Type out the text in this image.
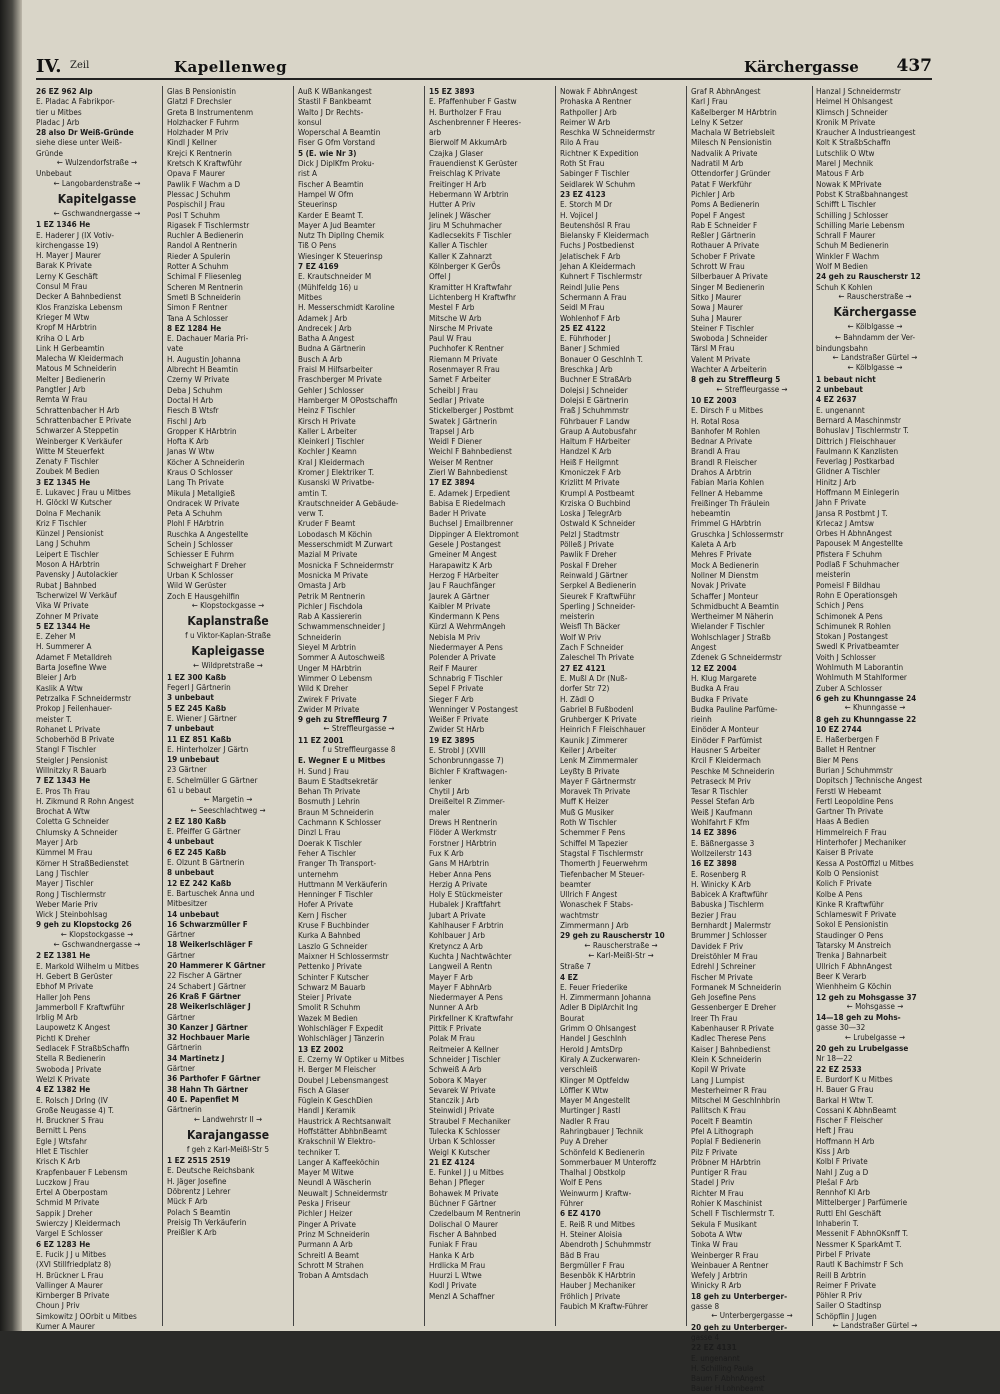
IV. Zeil	Kapellenweg	Kärchergasse 437
26 EZ 962 Alp
E. Pladac A Fabrikpor-
tier u Mitbes
Pladac J Arb
28 also Dr Weiß-Gründe
siehe diese unter Weiß-
Gründe
← Wulzendorfstraße →
Unbebaut
← Langobardenstraße →
Kapitelgasse
← Gschwandnergasse →
1 EZ 1346 He
E. Haderer J (IX Votiv-
kirchengasse 19)
H. Mayer J Maurer
Barak K Private
Lerny K Geschäft
Consul M Frau
Decker A Bahnbedienst
Klos Franziska Lebensm
Krieger M Wtw
Kropf M HArbtrin
Kriha O L Arb
Link H Gerbeamtin
Malecha W Kleidermach
Matous M Schneiderin
Melter J Bedienerin
Pangtler J Arb
Remta W Frau
Schrattenbacher H Arb
Schrattenbacher E Private
Schwarzer A Steppetin
Weinberger K Verkäufer
Witte M Steuerfekt
Zenaty F Tischler
Zoubek M Bedien
3 EZ 1345 He
E. Lukavec J Frau u Mitbes
H. Glöckl W Kutscher
Dolna F Mechanik
Kriz F Tischler
Künzel J Pensionist
Lang J Schuhm
Leipert E Tischler
Moson A HArbtrin
Pavensky J Autolackier
Rubat J Bahnbed
Tscherwizel W Verkäuf
Vika W Private
Zohner M Private
5 EZ 1344 He
E. Zeher M
H. Summerer A
Adamet F Metalldreh
Barta Josefine Wwe
Bleier J Arb
Kaslik A Wtw
Petrzalka F Schneidermstr
Prokop J Feilenhauer-
meister T.
Rohanet L Private
Schoberhöd B Private
Stangl F Tischler
Steigler J Pensionist
Willnitzky R Bauarb
7 EZ 1343 He
E. Pros Th Frau
H. Zikmund R Rohn Angest
Brochat A Wtw
Coletta G Schneider
Chlumsky A Schneider
Mayer J Arb
Kümmel M Frau
Körner H StraßBedienstet
Lang J Tischler
Mayer J Tischler
Rong J Tischlermstr
Weber Marie Priv
Wick J Steinbohlsag
9 geh zu Klopstockg 26
← Klopstockgasse →
← Gschwandnergasse →
2 EZ 1381 He
E. Markold Wilhelm u Mitbes
H. Gebert B Gerüster
Ebhof M Private
Haller Joh Pens
Jammerboll F Kraftwführ
Irblig M Arb
Laupowetz K Angest
Pichtl K Dreher
Sedlacek F StraßbSchaffn
Stella R Bedienerin
Swoboda J Private
Welzl K Private
4 EZ 1382 He
E. Rolsch J DrIng (IV
Große Neugasse 4) T.
H. Bruckner S Frau
Bernitt L Pens
Egle J Wtsfahr
Hlet E Tischler
Krisch K Arb
Krapfenbauer F Lebensm
Luczkow J Frau
Ertel A Oberpostam
Schmid M Private
Sappik J Dreher
Swierczy J Kleidermach
Vargel E Schlosser
6 EZ 1283 He
E. Fucik J J u Mitbes
(XVI Stillfriedplatz 8)
H. Brückner L Frau
Vallinger A Maurer
Kirnberger B Private
Choun J Priv
Simkowitz J OOrbit u Mitbes
Kumer A Maurer
Glas B Pensionistin
Glatzl F Drechsler
Greta B Instrumentenm
Holzhacker F Fuhrm
Holzhader M Priv
Kindl J Kellner
Krejci K Rentnerin
Kretsch K Kraftwführ
Opava F Maurer
Pawlik F Wachm a D
Plessac J Schuhm
Pospischil J Frau
Posl T Schuhm
Rigasek F Tischlermstr
Ruchler A Bedienerin
Randol A Rentnerin
Rieder A Spulerin
Rotter A Schuhm
Schimal F Fliesenleg
Scheren M Rentnerin
Smetl B Schneiderin
Simon F Rentner
Tana A Schlosser
8 EZ 1284 He
E. Dachauer Maria Pri-
vate
H. Augustin Johanna
Albrecht H Beamtin
Czerny W Private
Deba J Schuhm
Doctal H Arb
Fiesch B Wtsfr
Fischl J Arb
Gropper K HArbtrin
Hofta K Arb
Janas W Wtw
Köcher A Schneiderin
Kraus O Schlosser
Lang Th Private
Mikula J Metallgieß
Ondracek W Private
Peta A Schuhm
Plohl F HArbtrin
Ruschka A Angestellte
Schein J Schlosser
Schiesser E Fuhrm
Schweighart F Dreher
Urban K Schlosser
Wild W Gerüster
Zoch E Hausgehilfin
← Klopstockgasse →
Kaplanstraße
f u Viktor-Kaplan-Straße
Kapleigasse
← Wildpretstraße →
1 EZ 300 Kaßb
Fegerl J Gärtnerin
3 unbebaut
5 EZ 245 Kaßb
E. Wiener J Gärtner
7 unbebaut
11 EZ 851 Kaßb
E. Hinterholzer J Gärtn
19 unbebaut
23 Gärtner
E. Schelmüller G Gärtner
61 u bebaut
← Margetin →
← Seeschlachtweg →
2 EZ 180 Kaßb
E. Pfeiffer G Gärtner
4 unbebaut
6 EZ 245 Kaßb
E. Olzunt B Gärtnerin
8 unbebaut
12 EZ 242 Kaßb
E. Bartuschek Anna und
Mitbesitzer
14 unbebaut
16 Schwarzmüller F
Gärtner
18 Weikerlschläger F
Gärtner
20 Hammerer K Gärtner
22 Fischer A Gärtner
24 Schabert J Gärtner
26 Kraß F Gärtner
28 Weikerlschläger J
Gärtner
30 Kanzer J Gärtner
32 Hochbauer Marie
Gärtnerin
34 Martinetz J
Gärtner
36 Parthofer F Gärtner
38 Hahn Th Gärtner
40 E. Papenfiet M
Gärtnerin
← Landwehrstr II →
Karajangasse
f geh z Karl-Meißl-Str 5
1 EZ 2515 2519
E. Deutsche Reichsbank
H. Jäger Josefine
Döbrentz J Lehrer
Mück F Arb
Polach S Beamtin
Preisig Th Verkäuferin
Preißler K Arb
Auß K WBankangest
Stastil F Bankbeamt
Walto J Dr Rechts-
konsul
Woperschal A Beamtin
Fiser G Ofm Vorstand
5 (E. wie Nr 3)
Dick J DiplKfm Proku-
rist A
Fischer A Beamtin
Hampel W Ofm
Steuerinsp
Karder E Beamt T.
Mayer A Jud Beamter
Nutz Th DiplIng Chemik
Tiß O Pens
Wiesinger K Steuerinsp
7 EZ 4169
E. Krautschneider M
(Mühlfeldg 16) u
Mitbes
H. Messerschmidt Karoline
Adamek J Arb
Andrecek J Arb
Batha A Angest
Budna A Gärtnerin
Busch A Arb
Fraisl M Hilfsarbeiter
Fraschberger M Private
Gehler J Schlosser
Hamberger M OPostschaffn
Heinz F Tischler
Kirsch H Private
Kaller L Arbeiter
Kleinkerl J Tischler
Kochler J Keamn
Kral J Kleidermach
Kromer J Elektriker T.
Kusanski W Privatbe-
amtin T.
Krautschneider A Gebäude-
verw T.
Kruder F Beamt
Lobodasch M Köchin
Messerschmidt M Zurwart
Mazial M Private
Mosnicka F Schneidermstr
Mosnicka M Private
Omasta J Arb
Petrik M Rentnerin
Pichler J Fischdola
Rab A Kassiererin
Schwammenschneider J
Schneiderin
Sieyel M Arbtrin
Sommer A Autoschweiß
Unger M HArbtrin
Wimmer O Lebensm
Wild K Dreher
Zwirek F Private
Zwider M Private
9 geh zu Streffleurg 7
← Streffleurgasse →
11 EZ 2001
f u Streffleurgasse 8
E. Wegner E u Mitbes
H. Sund J Frau
Baum E Stadtsekretär
Behan Th Private
Bosmuth J Lehrin
Braun M Schneiderin
Cachmann K Schlosser
Dinzl L Frau
Doerak K Tischler
Feher A Tischler
Franger Th Transport-
unternehm
Huttmann M Verkäuferin
Henninger F Tischler
Hofer A Private
Kern J Fischer
Kruse F Buchbinder
Kurka A Bahnbed
Laszlo G Schneider
Maixner H Schlossermstr
Pettenko J Private
Schinter F Kutscher
Schwarz M Bauarb
Steier J Private
Smolit R Schuhm
Wazek M Bedien
Wohlschläger F Expedit
Wohlschläger J Tänzerin
13 EZ 2002
E. Czerny W Optiker u Mitbes
H. Berger M Fleischer
Doubel J Lebensmangest
Fisch A Glaser
Füglein K GeschDien
Handl J Keramik
Haustrick A Rechtsanwalt
Hoffstätter AbhbnBeamt
Krakschnil W Elektro-
techniker T.
Langer A Kaffeeköchin
Mayer M Witwe
Neundl A Wäscherin
Neuwalt J Schneidermstr
Peska J Friseur
Pichler J Heizer
Pinger A Private
Prinz M Schneiderin
Purmann A Arb
Schreitl A Beamt
Schrott M Strahen
Troban A Amtsdach
15 EZ 3893
E. Pfaffenhuber F Gastw
H. Burtholzer F Frau
Aschenbrenner F Heeres-
arb
Bierwolf M AkkumArb
Czajka J Glaser
Frauendienst K Gerüster
Freischlag K Private
Freitinger H Arb
Hebermann W Arbtrin
Hutter A Priv
Jelinek J Wäscher
Jiru M Schuhmacher
Kadlecsekits F Tischler
Kaller A Tischler
Kaller K Zahnarzt
Kölnberger K GerÖs
Offel J
Kramitter H Kraftwfahr
Lichtenberg H Kraftwfhr
Mestel F Arb
Mitsche W Arb
Nirsche M Private
Paul W Frau
Puchhofer K Rentner
Riemann M Private
Rosenmayer R Frau
Samet F Arbeiter
Scheibl J Frau
Sedlar J Private
Stickelberger J Postbmt
Swatek J Gärtnerin
Trapsel J Arb
Weidl F Diener
Weichl F Bahnbedienst
Weiser M Rentner
Zierl W Bahnbedienst
17 EZ 3894
E. Adamek J Erpedient
Babisa E Riedelmach
Bader H Private
Buchsel J Emailbrenner
Dippinger A Elektromont
Gesele J Postangest
Gmeiner M Angest
Harapawitz K Arb
Herzog F HArbeiter
Jau F Rauchfänger
Jaurek A Gärtner
Kaibler M Private
Kindermann K Pens
Kürzl A WehrmAngeh
Nebisla M Priv
Niedermayer A Pens
Polender A Private
Reif F Maurer
Schnabrig F Tischler
Sepel F Private
Sieger F Arb
Wenninger V Postangest
Weißer F Private
Zwider St HArb
19 EZ 3895
E. Strobl J (XVIII
Schonbrunngasse 7)
Bichler F Kraftwagen-
lenker
Chytil J Arb
Dreißeltel R Zimmer-
maler
Drews H Rentnerin
Flöder A Werkmstr
Forstner J HArbtrin
Fux K Arb
Gans M HArbtrin
Heber Anna Pens
Herzig A Private
Holy E Stückmeister
Hubalek J Kraftfahrt
Jubart A Private
Kahlhauser F Arbtrin
Kohlbauer J Arb
Kretyncz A Arb
Kuchta J Nachtwächter
Langweil A Rentn
Mayer F Arb
Mayer F AbhnArb
Niedermayer A Pens
Nunner A Arb
Pirkfellner K Kraftwfahr
Pittik F Private
Polak M Frau
Reitmeier A Kellner
Schneider J Tischler
Schweiß A Arb
Sobora K Mayer
Sevarek W Private
Stanczik J Arb
Steinwidl J Private
Straubel F Mechaniker
Tulecka K Schlosser
Urban K Schlosser
Weigl K Kutscher
21 EZ 4124
E. Funkel J J u Mitbes
Behan J Pfleger
Bohawek M Private
Büchner F Gärtner
Czedelbaum M Rentnerin
Dolischal O Maurer
Fischer A Bahnbed
Funiak F Frau
Hanka K Arb
Hrdlicka M Frau
Huurzi L Wtwe
Kodl J Private
Menzl A Schaffner
Nowak F AbhnAngest
Prohaska A Rentner
Rathpoller J Arb
Reimer W Arb
Reschka W Schneidermstr
Rilo A Frau
Richtner K Expedition
Roth St Frau
Sabinger F Tischler
Seidlarek W Schuhm
23 EZ 4123
E. Storch M Dr
H. Vojicel J
Beutenshösl R Frau
Bielansky F Kleidermach
Fuchs J Postbedienst
Jelatischek F Arb
Jehan A Kleidermach
Kuhnert F Tischlermstr
Reindl Julie Pens
Schermann A Frau
Seidl M Frau
Wohlenhof F Arb
25 EZ 4122
E. Führhoder J
Baner J Schmied
Bonauer O GeschInh T.
Breschka J Arb
Buchner E StraßArb
Dolejsi J Schneider
Dolejsi E Gärtnerin
Fraß J Schuhmmstr
Führbauer F Landw
Graup A Autobusfahr
Haltum F HArbeiter
Handzel K Arb
Heiß F Heilgmnt
Kmoniczek F Arb
Krizlitt M Private
Krumpl A Postbeamt
Krziska O Buchbind
Loska J TelegrArb
Ostwald K Schneider
Pelzl J Stadtmstr
Pölleß J Private
Pawlik F Dreher
Poskal F Dreher
Reinwald J Gärtner
Serpkel A Bedienerin
Sieurek F KraftwFühr
Sperling J Schneider-
meisterin
Weisfl Th Bäcker
Wolf W Priv
Zach F Schneider
Zaleschel Th Private
27 EZ 4121
E. Mußl A Dr (Nuß-
dorfer Str 72)
H. Zädl O
Gabriel B Fußbodenl
Gruhberger K Private
Heinrich F Fleischhauer
Kaunik J Zimmerer
Keiler J Arbeiter
Lenk M Zimmermaler
Leyßty B Private
Mayer F Gärtnermstr
Moravek Th Private
Muff K Heizer
Muß G Musiker
Roth W Tischler
Schemmer F Pens
Schiffel M Tapezier
Stagstal F Tischlermstr
Thomerth J Feuerwehrm
Tiefenbacher M Steuer-
beamter
Ullrich F Angest
Wonaschek F Stabs-
wachtmstr
Zimmermann J Arb
29 geh zu Rauscherstr 10
← Rauscherstraße →
← Karl-Meißl-Str →
Straße 7
4 EZ
E. Feuer Friederike
H. Zimmermann Johanna
Adler B DiplArchit Ing
Bourat
Grimm O Ohlsangest
Handel J GeschInh
Herold J AmtsDrp
Kiraly A Zuckerwaren-
verschleiß
Klinger M Optfeldw
Löffler K Wtw
Mayer M Angestellt
Murtinger J Rastl
Nadler R Frau
Rahringbauer J Technik
Puy A Dreher
Schönfeld K Bedienerin
Sommerbauer M Unteroffz
Thalhal J Obstkolp
Wolf E Pens
Weinwurm J Kraftw-
Führer
6 EZ 4170
E. Reiß R und Mitbes
H. Steiner Aloisia
Abendroth J Schuhmmstr
Bäd B Frau
Bergmüller F Frau
Besenbök K HArbtrin
Hauber J Mechaniker
Fröhlich J Private
Faubich M Kraftw-Führer
Graf R AbhnAngest
Karl J Frau
Kaßelberger M HArbtrin
Lelny K Setzer
Machala W Betriebsleit
Milesch N Pensionistin
Nadvalik A Private
Nadratil M Arb
Ottendorfer J Gründer
Patat F Werkführ
Pichler J Arb
Poms A Bedienerin
Popel F Angest
Rab E Schneider F
Reßler J Gärtnerin
Rothauer A Private
Schober F Private
Schrott W Frau
Silberbauer A Private
Singer M Bedienerin
Sitko J Maurer
Sowa J Maurer
Suha J Maurer
Steiner F Tischler
Swoboda J Schneider
Tärsl M Frau
Valent M Private
Wachter A Arbeiterin
8 geh zu Streffleurg 5
← Streffleurgasse →
10 EZ 2003
E. Dirsch F u Mitbes
H. Rotal Rosa
Banhofer M Rohlen
Bednar A Private
Brandl A Frau
Brandl R Fleischer
Drahos A Arbtrin
Fabian Maria Kohlen
Fellner A Hebamme
Freißinger Th Fräulein
hebeamtin
Frimmel G HArbtrin
Gruschka J Schlossermstr
Kaleta A Arb
Mehres F Private
Mock A Bedienerin
Nollner M Dienstm
Novak J Private
Schaffer J Monteur
Schmidbucht A Beamtin
Wertheimer M Näherin
Wielander F Tischler
Wohlschlager J Straßb
Angest
Zdenek G Schneidermstr
12 EZ 2004
H. Klug Margarete
Budka A Frau
Budka F Private
Budka Pauline Parfüme-
rieinh
Einöder A Monteur
Einöder F Parfümist
Hausner S Arbeiter
Krcil F Kleidermach
Peschke M Schneiderin
Petraseck M Priv
Tesar R Tischler
Pessel Stefan Arb
Weiß J Kaufmann
Wohlfahrt F Kfm
14 EZ 3896
E. Bäßnergasse 3
Wollzeilerstr 143
16 EZ 3898
E. Rosenberg R
H. Winicky K Arb
Babicek A Kraftwführ
Babuska J Tischlerm
Bezier J Frau
Bernhardt J Malermstr
Brummer J Schlosser
Davidek F Priv
Dreistöhler M Frau
Edrehl J Schreiner
Fischer M Private
Formanek M Schneiderin
Geh Josefine Pens
Gessenberger E Dreher
Ireer Th Frau
Kabenhauser R Private
Kadlec Therese Pens
Kaiser J Bahnbedienst
Klein K Schneiderin
Kopil W Private
Lang J Lumpist
Mesterheimer R Frau
Mitschel M GeschInhbrin
Pallitsch K Frau
Pocelt F Beamtin
Pfel A Lithograph
Poplal F Bedienerin
Pilz F Private
Pröbner M HArbtrin
Puntiger R Frau
Stadel J Priv
Richter M Frau
Rohier K Maschinist
Schell F Tischlermstr T.
Sekula F Musikant
Sobota A Wtw
Tinka W Frau
Weinberger R Frau
Weinbauer A Rentner
Wefely J Arbtrin
Winicky R Arb
18 geh zu Unterberger-
gasse 8
← Unterbergergasse →
20 geh zu Unterberger-
gasse 4
22 EZ 4131
E. ungenannt
H. Schilling Paula
Baum F AbhnAngest
Bauer H Lohnbeamt
Hanzal J Schneidermstr
Heimel H Ohlsangest
Klimsch J Schneider
Kronik M Private
Kraucher A Industrieangest
Kolt K StraßbSchaffn
Lutschlik O Wtw
Marel J Mechnik
Matous F Arb
Nowak K MPrivate
Pobst K Straßbahnangest
Schifft L Tischler
Schilling J Schlosser
Schilling Marie Lebensm
Schrall F Maurer
Schuh M Bedienerin
Winkler F Wachm
Wolf M Bedien
24 geh zu Rauscherstr 12
Schuh K Kohlen
← Rauscherstraße →
Kärchergasse
← Kölblgasse →
← Bahndamm der Ver-
bindungsbahn
← Landstraßer Gürtel →
← Kölblgasse →
1 bebaut nicht
2 unbebaut
4 EZ 2637
E. ungenannt
Bernard A Maschinmstr
Bohuslav J Tischlermstr T.
Dittrich J Fleischhauer
Faulmann K Kanzlisten
Feverlag J Postkarbad
Glidner A Tischler
Hinitz J Arb
Hoffmann M Einlegerin
Jahn F Private
Jansa R Postbmt J T.
Krlecaz J Amtsw
Orbes H AbhnAngest
Papousek M Angestellte
Pfistera F Schuhm
Podlaß F Schuhmacher
meisterin
Pomeisl F Bildhau
Rohn E Operationsgeh
Schich J Pens
Schimonek A Pens
Schimunek R Rohlen
Stokan J Postangest
Swedl K Privatbeamter
Voith J Schlosser
Wohlmuth M Laborantin
Wohlmuth M Stahlformer
Zuber A Schlosser
6 geh zu Khunngasse 24
← Khunngasse →
8 geh zu Khunngasse 22
10 EZ 2744
E. Haßerbergen F
Ballet H Rentner
Bier M Pens
Burian J Schuhmmstr
Dopitsch J Technische Angest
Ferstl W Hebeamt
Fertl Leopoldine Pens
Gartner Th Private
Haas A Bedien
Himmelreich F Frau
Hinterhofer J Mechaniker
Kaiser B Private
Kessa A PostOffizl u Mitbes
Kolb O Pensionist
Kolich F Private
Kolbe A Pens
Kinke R Kraftwführ
Schlameswit F Private
Sokol E Pensionistin
Staudinger O Pens
Tatarsky M Anstreich
Trenka J Bahnarbeit
Ullrich F AbhnAngest
Beer K Verarb
Wienhheim G Köchin
12 geh zu Mohsgasse 37
← Mohsgasse →
14—18 geh zu Mohs-
gasse 30—32
← Lrubelgasse →
20 geh zu Lrubelgasse
Nr 18—22
22 EZ 2533
E. Burdorf K u Mitbes
H. Bauer G Frau
Barkal H Wtw T.
Cossani K AbhnBeamt
Fischer F Fleischer
Heft J Frau
Hoffmann H Arb
Kiss J Arb
Kolbl F Private
Nahl J Zug a D
Plešal F Arb
Rennhof Kl Arb
Mittelberger J Parfümerie
Ruttl Ehl Geschäft
Inhaberin T.
Messenit F AbhnOKsnff T.
Nessmer K SparkAmt T.
Pirbel F Private
Rautl K Bachimstr F Sch
Reill B Arbtrin
Reimer F Private
Pöhler R Priv
Sailer O Stadtinsp
Schöpflin J Jugen
← Landstraßer Gürtel →
